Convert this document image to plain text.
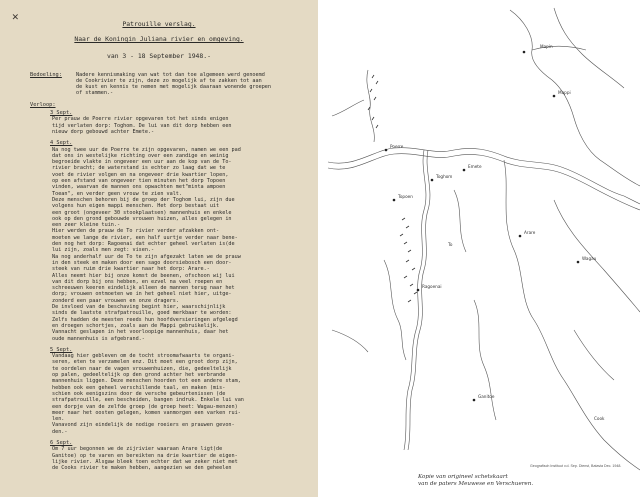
✕
Patrouille verslag.
Naar de Koningin Juliana rivier en omgeving.
van 3 - 18 September 1948.-
Bedoeling:
Verloop:
Nadere kennismaking van wat tot dan toe algemeen werd genoemd
de Cookrivier te zijn, deze zo mogelijk af te zakken tot aan
de kust en kennis te nemen met mogelijk daaraan wonende groepen
of stammen.-
3 Sept.
Per prauw de Poerre rivier opgevaren tot het sinds enigen
tijd verlaten dorp: Toghom. De lui van dit dorp hebben een
nieuw dorp gebouwd achter Emete.-
4 Sept.
Na nog twee uur de Poerre te zijn opgevaren, namen we een pad
dat ons in westelijke richting over een zandige en weinig
begroeide vlakte in ongeveer een uur aan de kop van de To-
rivier bracht; de waterstand is echter zo laag dat we te
voet de rivier volgen en na ongeveer drie kwartier lopen,
op een afstand van ongeveer tien minuten het dorp Topoen
vinden, waarvan de mannen ons opwachten met"minta ampoen
Toean", en verder geen vrouw te zien valt.
Deze menschen behoren bij de groep der Toghom lui, zijn due
volgens hun eigen mappi menschen. Het dorp bestaat uit
een groot (ongeveer 30 stookplaatsen) mannenhuis en enkele
ook op den grond gebouwde vrouwen huizen, alles gelegen in
een zeer kleine tuin.-
Hier werden de prauw de To rivier verder afzakken ont-
moeten we lange de rivier, een half uurtje verder naar bene-
den nog het dorp: Ragoenai dat echter geheel verlaten is(de
lui zijn, zoals men zegt: visen.-
Na nog anderhalf uur de To te zijn afgezakt laten we de prauw
in den steek en maken door een sago doorsiebosch een door-
steek van ruim drie kwartier naar het dorp: Arare.-
Alles neemt hier bij onze komst de beenen, ofschoon wij lui
van dit dorp bij ons hebben, en ezvel na veel roepen en
schreeuwen keeren eindelijk alleen de mannen terug naar het
dorp; vrouwen ontmoeten we in het geheel niet hier, uitge-
zonderd een paar vrouwen en onze dragers.
De invloed van de beschaving begint hier, waarschijnlijk
sinds de laatste strafpatrouille, goed merkbaar te worden:
Zelfs hadden de meesten reeds hun hoofdversieringen afgelegd
en droegen schortjes, zoals aan de Mappi gebruikelijk.
Vannacht geslapen in het voorloopige mannenhuis, daar het
oude mannenhuis is afgebrand.-
5 Sept.
Vandaag hier gebleven om de tocht stroomafwaarts te organi-
seren, eten te verzamelen enz. Dit moet een groot dorp zijn,
te oordelen naar de vagen vrouwenhuizen, die, gedeeltelijk
op palen, gedeeltelijk op den grond achter het verbrande
mannenhuis liggen. Deze menschen hoorden tot een andere stam,
hebben ook een geheel verschillende taal, en maken (mis-
schien ook eenigszins door de versche gebeurtenissen (de
strafpatrouille, een bescheiden, bangen indruk. Enkele lui van
een dorpje van de zelfde groep (de groep heet: Wagau-menzen)
meer naar het oosten gelegen, komen vanmorgen een varken rui-
len.
Vanavond zijn eindelijk de nodige roeiers en prauwen gevon-
den.-
6 Sept.
Om 7 uur begonnen we de zijrivier waaraan Arare ligt(de
Ganitoe) op te varen en bereikten na drie kwartier de eigen-
lijke rivier. Alsgaw bleek toen echter dat we zeker niet met
de Cooks rivier te maken hebben, aangezien we den geheelen
Mapin
Toghom
Emete
Topoen
Ragoenai
Arare
Wagau
Mappi
Ganitoe
Poerre
To
Cook
Geografisch Instituut v.d. Sep. Dienst, Batavia Dec. 1948.
Kopie van origineel schetskaart
van de paters Meuwese en Verschueren.
